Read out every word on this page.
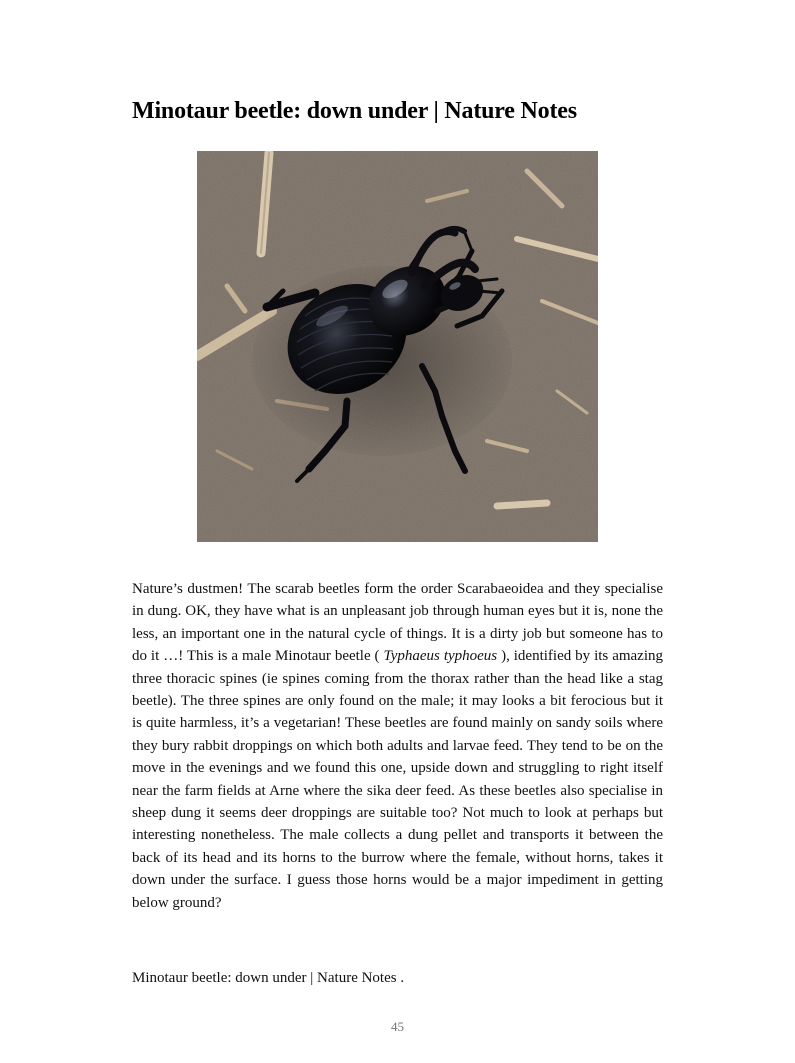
Minotaur beetle: down under | Nature Notes

Nature’s dustmen! The scarab beetles form the order Scarabaeoidea and they specialise in dung. OK, they have what is an unpleasant job through human eyes but it is, none the less, an important one in the natural cycle of things. It is a dirty job but someone has to do it …! This is a male Minotaur beetle ( Typhaeus typhoeus ), identified by its amazing three thoracic spines (ie spines coming from the thorax rather than the head like a stag beetle). The three spines are only found on the male; it may looks a bit ferocious but it is quite harmless, it’s a vegetarian! These beetles are found mainly on sandy soils where they bury rabbit droppings on which both adults and larvae feed. They tend to be on the move in the evenings and we found this one, upside down and struggling to right itself near the farm fields at Arne where the sika deer feed. As these beetles also specialise in sheep dung it seems deer droppings are suitable too? Not much to look at perhaps but interesting nonetheless. The male collects a dung pellet and transports it between the back of its head and its horns to the burrow where the female, without horns, takes it down under the surface. I guess those horns would be a major impediment in getting below ground?

Minotaur beetle: down under | Nature Notes .

45
